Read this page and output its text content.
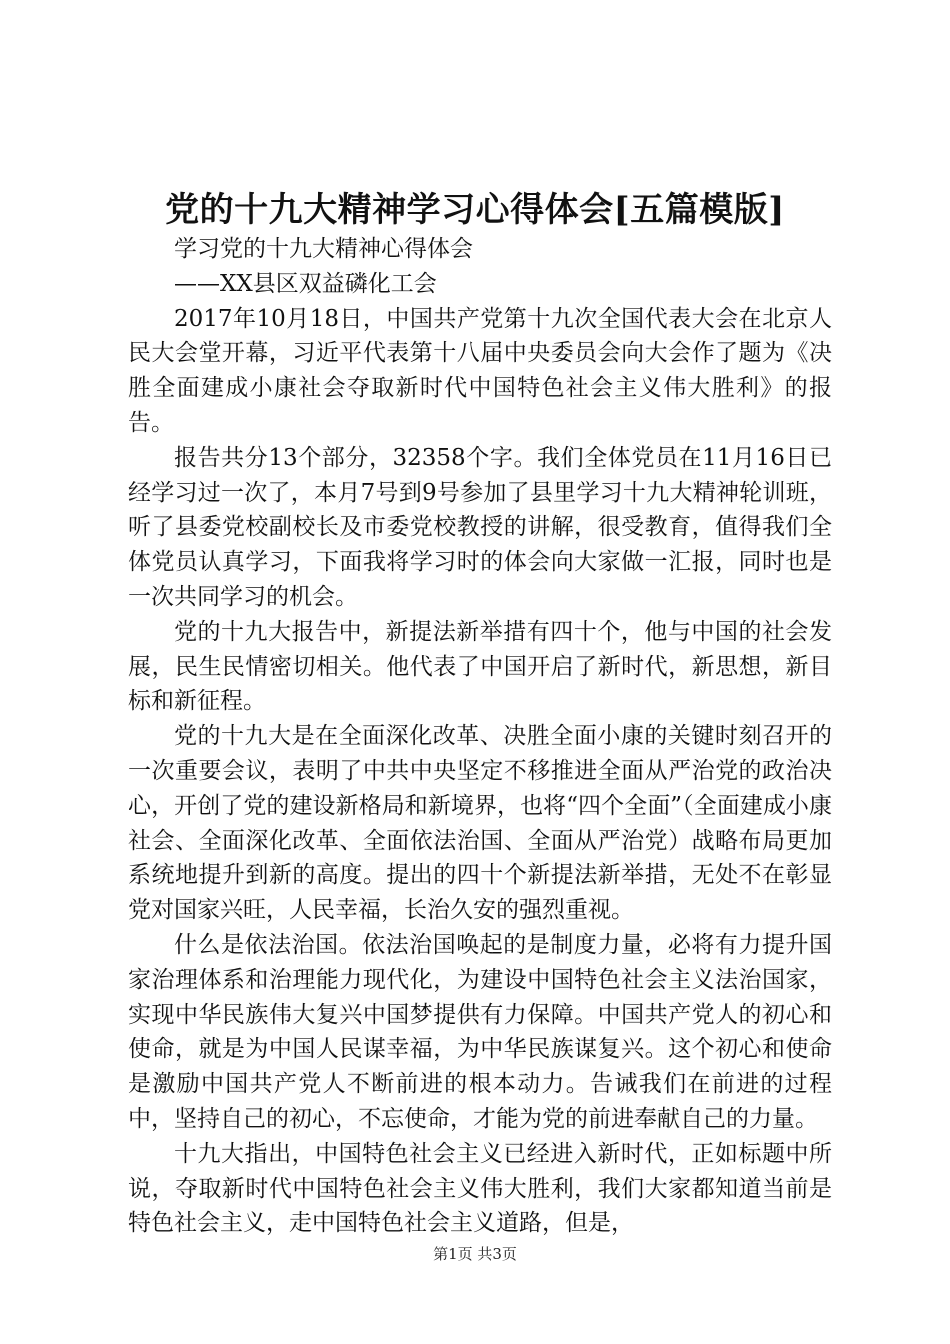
党的十九大精神学习心得体会[五篇模版]

学习党的十九大精神心得体会

——XX县区双益磷化工会

2017年10月18日，中国共产党第十九次全国代表大会在北京人民大会堂开幕，习近平代表第十八届中央委员会向大会作了题为《决胜全面建成小康社会夺取新时代中国特色社会主义伟大胜利》的报告。

报告共分13个部分，32358个字。我们全体党员在11月16日已经学习过一次了，本月7号到9号参加了县里学习十九大精神轮训班，听了县委党校副校长及市委党校教授的讲解，很受教育，值得我们全体党员认真学习，下面我将学习时的体会向大家做一汇报，同时也是一次共同学习的机会。

党的十九大报告中，新提法新举措有四十个，他与中国的社会发展，民生民情密切相关。他代表了中国开启了新时代，新思想，新目标和新征程。

党的十九大是在全面深化改革、决胜全面小康的关键时刻召开的一次重要会议，表明了中共中央坚定不移推进全面从严治党的政治决心，开创了党的建设新格局和新境界，也将“四个全面”（全面建成小康社会、全面深化改革、全面依法治国、全面从严治党）战略布局更加系统地提升到新的高度。提出的四十个新提法新举措，无处不在彰显党对国家兴旺，人民幸福，长治久安的强烈重视。

什么是依法治国。依法治国唤起的是制度力量，必将有力提升国家治理体系和治理能力现代化，为建设中国特色社会主义法治国家，实现中华民族伟大复兴中国梦提供有力保障。中国共产党人的初心和使命，就是为中国人民谋幸福，为中华民族谋复兴。这个初心和使命是激励中国共产党人不断前进的根本动力。告诫我们在前进的过程中，坚持自己的初心，不忘使命，才能为党的前进奉献自己的力量。

十九大指出，中国特色社会主义已经进入新时代，正如标题中所说，夺取新时代中国特色社会主义伟大胜利，我们大家都知道当前是特色社会主义，走中国特色社会主义道路，但是，

第1页 共3页
